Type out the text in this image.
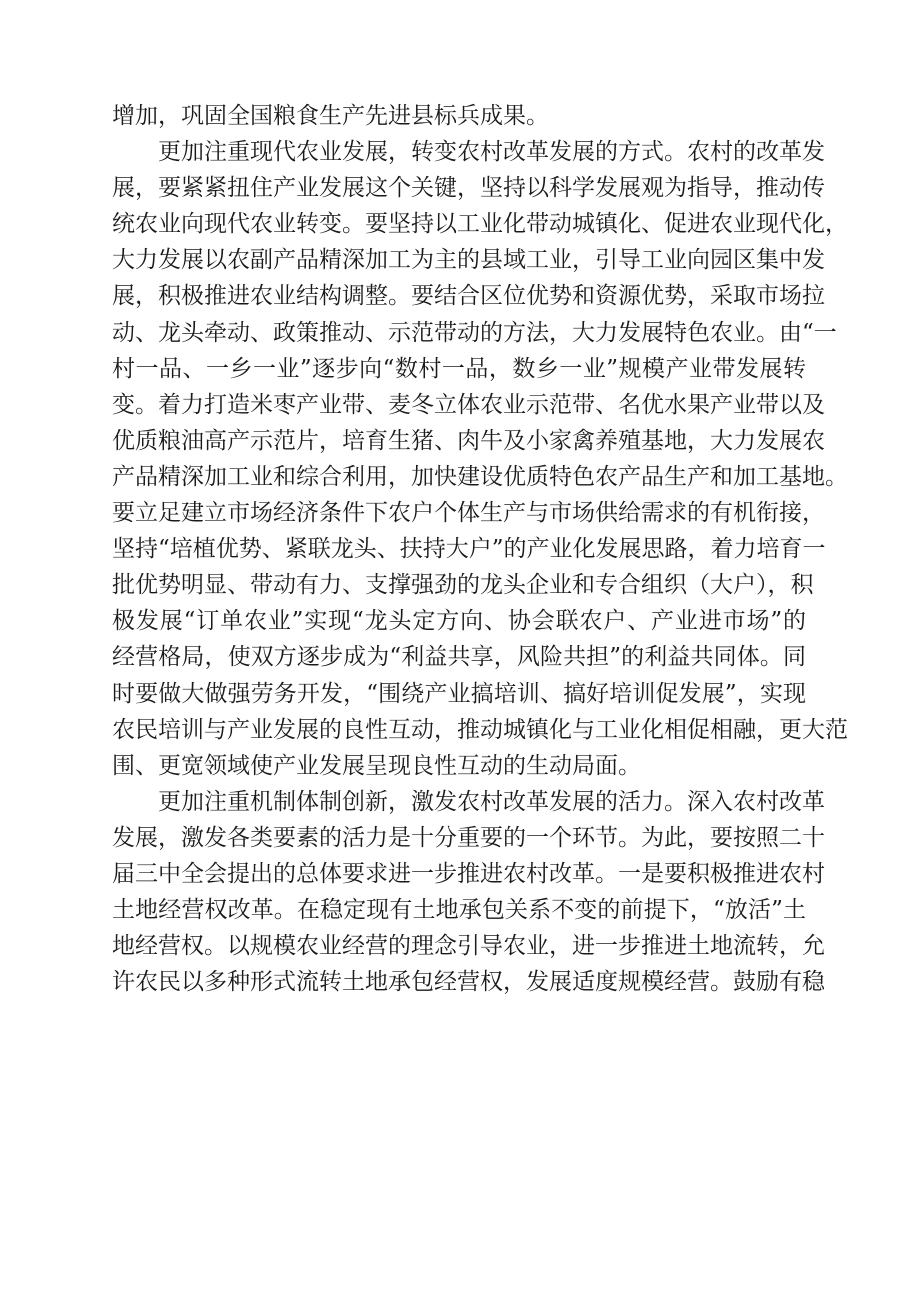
增加，巩固全国粮食生产先进县标兵成果。
更加注重现代农业发展，转变农村改革发展的方式。农村的改革发
展，要紧紧扭住产业发展这个关键，坚持以科学发展观为指导，推动传
统农业向现代农业转变。要坚持以工业化带动城镇化、促进农业现代化，
大力发展以农副产品精深加工为主的县域工业，引导工业向园区集中发
展，积极推进农业结构调整。要结合区位优势和资源优势，采取市场拉
动、龙头牵动、政策推动、示范带动的方法，大力发展特色农业。由“一
村一品、一乡一业”逐步向“数村一品，数乡一业”规模产业带发展转
变。着力打造米枣产业带、麦冬立体农业示范带、名优水果产业带以及
优质粮油高产示范片，培育生猪、肉牛及小家禽养殖基地，大力发展农
产品精深加工业和综合利用，加快建设优质特色农产品生产和加工基地。
要立足建立市场经济条件下农户个体生产与市场供给需求的有机衔接，
坚持“培植优势、紧联龙头、扶持大户”的产业化发展思路，着力培育一
批优势明显、带动有力、支撑强劲的龙头企业和专合组织（大户），积
极发展“订单农业”实现“龙头定方向、协会联农户、产业进市场”的
经营格局，使双方逐步成为“利益共享，风险共担”的利益共同体。同
时要做大做强劳务开发，“围绕产业搞培训、搞好培训促发展”，实现
农民培训与产业发展的良性互动，推动城镇化与工业化相促相融，更大范
围、更宽领域使产业发展呈现良性互动的生动局面。
更加注重机制体制创新，激发农村改革发展的活力。深入农村改革
发展，激发各类要素的活力是十分重要的一个环节。为此，要按照二十
届三中全会提出的总体要求进一步推进农村改革。一是要积极推进农村
土地经营权改革。在稳定现有土地承包关系不变的前提下，“放活”土
地经营权。以规模农业经营的理念引导农业，进一步推进土地流转，允
许农民以多种形式流转土地承包经营权，发展适度规模经营。鼓励有稳
